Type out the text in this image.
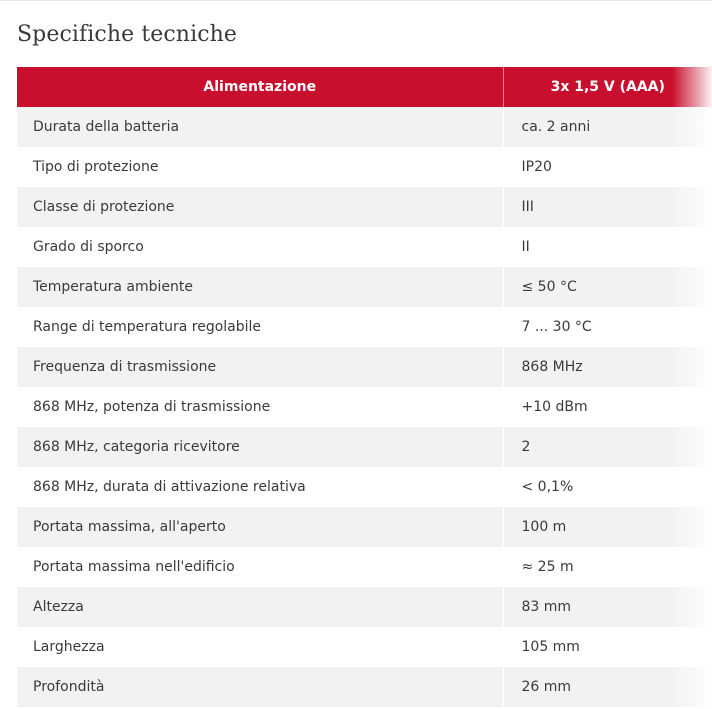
Specifiche tecniche
Alimentazione	3x 1,5 V (AAA)
Durata della batteria	ca. 2 anni
Tipo di protezione	IP20
Classe di protezione	III
Grado di sporco	II
Temperatura ambiente	≤ 50 °C
Range di temperatura regolabile	7 ... 30 °C
Frequenza di trasmissione	868 MHz
868 MHz, potenza di trasmissione	+10 dBm
868 MHz, categoria ricevitore	2
868 MHz, durata di attivazione relativa	< 0,1%
Portata massima, all'aperto	100 m
Portata massima nell'edificio	≈ 25 m
Altezza	83 mm
Larghezza	105 mm
Profondità	26 mm
